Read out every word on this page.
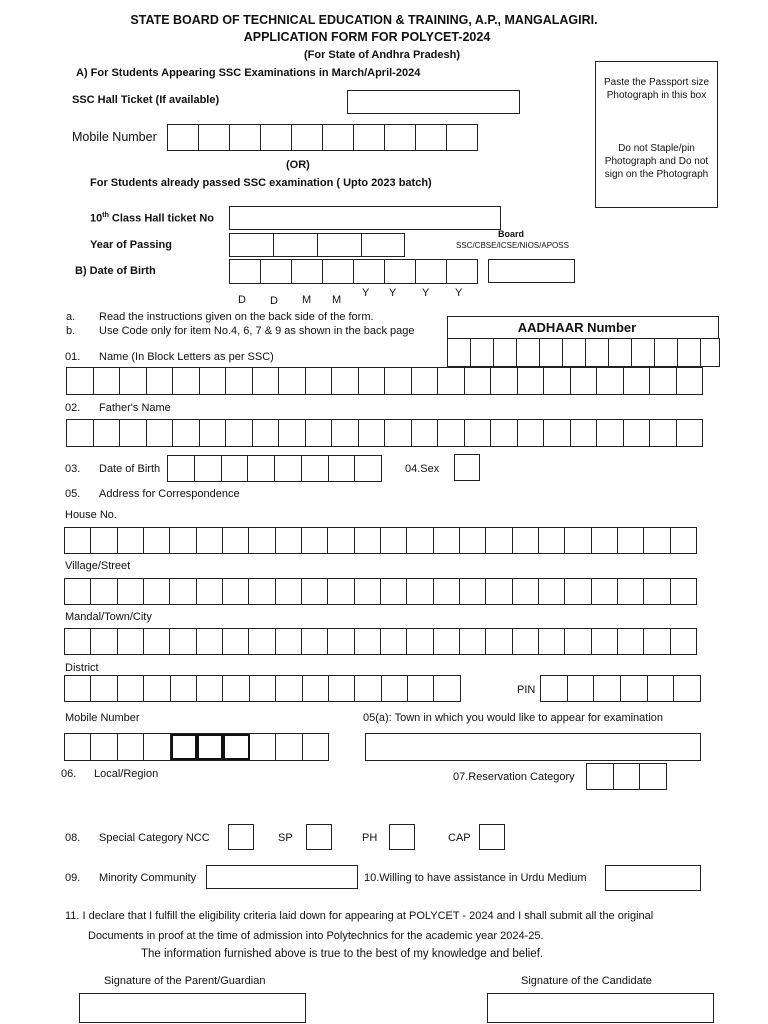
STATE BOARD OF TECHNICAL EDUCATION & TRAINING, A.P., MANGALAGIRI.
APPLICATION FORM FOR POLYCET-2024
(For State of Andhra Pradesh)
A) For Students Appearing SSC Examinations in March/April-2024
SSC Hall Ticket (If available)
Mobile Number
(OR)
For Students already passed SSC examination ( Upto 2023 batch)
10th Class Hall ticket No
Year of Passing
Board
SSC/CBSE/ICSE/NIOS/APOSS
B) Date of Birth
D D M M
Y Y Y Y
Paste the Passport size Photograph in this box
Do not Staple/pin Photograph and Do not sign on the Photograph
a. Read the instructions given on the back side of the form.
b. Use Code only for item No.4, 6, 7 & 9 as shown in the back page	AADHAAR Number
01. Name (In Block Letters as per SSC)
02. Father's Name
03. Date of Birth	04.Sex
05. Address for Correspondence
House No.
Village/Street
Mandal/Town/City
District
PIN
Mobile Number	05(a): Town in which you would like to appear for examination
06. Local/Region	07.Reservation Category
08. Special Category NCC	SP	PH	CAP
09. Minority Community	10.Willing to have assistance in Urdu Medium
11. I declare that I fulfill the eligibility criteria laid down for appearing at POLYCET - 2024 and I shall submit all the original
Documents in proof at the time of admission into Polytechnics for the academic year 2024-25.
The information furnished above is true to the best of my knowledge and belief.
Signature of the Parent/Guardian	Signature of the Candidate
